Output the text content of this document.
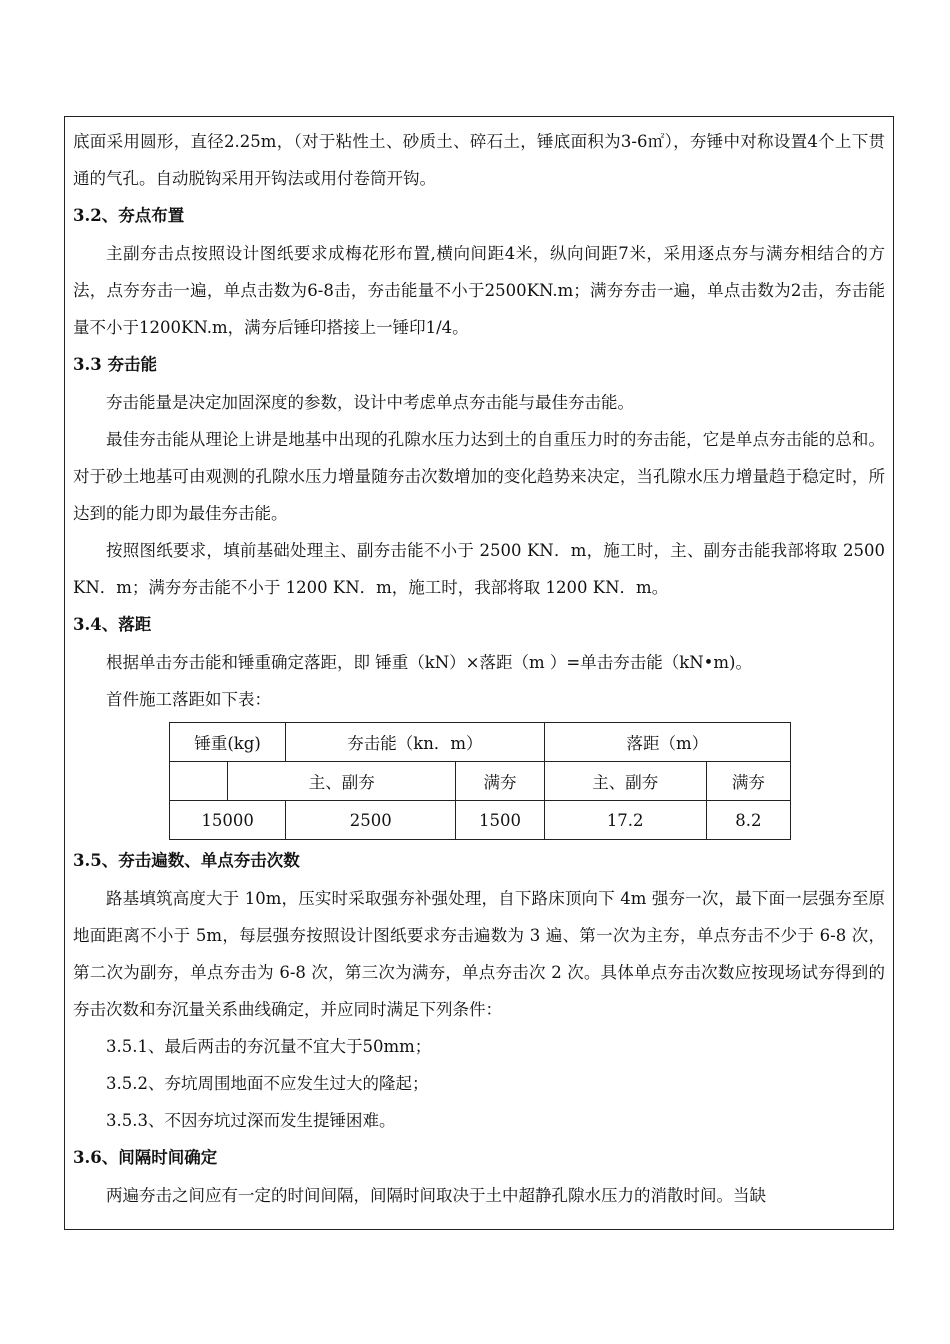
底面采用圆形，直径2.25m，（对于粘性土、砂质土、碎石土，锤底面积为3-6㎡），夯锤中对称设置4个上下贯通的气孔。自动脱钩采用开钩法或用付卷筒开钩。

3.2、夯点布置

主副夯击点按照设计图纸要求成梅花形布置,横向间距4米，纵向间距7米，采用逐点夯与满夯相结合的方法，点夯夯击一遍，单点击数为6-8击，夯击能量不小于2500KN.m；满夯夯击一遍，单点击数为2击，夯击能量不小于1200KN.m，满夯后锤印搭接上一锤印1/4。

3.3 夯击能

夯击能量是决定加固深度的参数，设计中考虑单点夯击能与最佳夯击能。

最佳夯击能从理论上讲是地基中出现的孔隙水压力达到土的自重压力时的夯击能，它是单点夯击能的总和。对于砂土地基可由观测的孔隙水压力增量随夯击次数增加的变化趋势来决定，当孔隙水压力增量趋于稳定时，所达到的能力即为最佳夯击能。

按照图纸要求，填前基础处理主、副夯击能不小于 2500 KN．m，施工时，主、副夯击能我部将取 2500 KN．m；满夯夯击能不小于 1200 KN．m，施工时，我部将取 1200 KN．m。

3.4、落距

根据单击夯击能和锤重确定落距，即 锤重（kN）×落距（m ）=单击夯击能（kN•m)。

首件施工落距如下表：

锤重(kg)		夯击能（kn．m）		落距（m）	
	主、副夯		满夯	主、副夯	满夯
15000		2500	1500	17.2	8.2
3.5、夯击遍数、单点夯击次数

路基填筑高度大于 10m，压实时采取强夯补强处理，自下路床顶向下 4m 强夯一次，最下面一层强夯至原地面距离不小于 5m，每层强夯按照设计图纸要求夯击遍数为 3 遍、第一次为主夯，单点夯击不少于 6-8 次，第二次为副夯，单点夯击为 6-8 次，第三次为满夯，单点夯击次 2 次。具体单点夯击次数应按现场试夯得到的夯击次数和夯沉量关系曲线确定，并应同时满足下列条件：

3.5.1、最后两击的夯沉量不宜大于50mm；

3.5.2、夯坑周围地面不应发生过大的隆起；

3.5.3、不因夯坑过深而发生提锤困难。

3.6、间隔时间确定

两遍夯击之间应有一定的时间间隔，间隔时间取决于土中超静孔隙水压力的消散时间。当缺
